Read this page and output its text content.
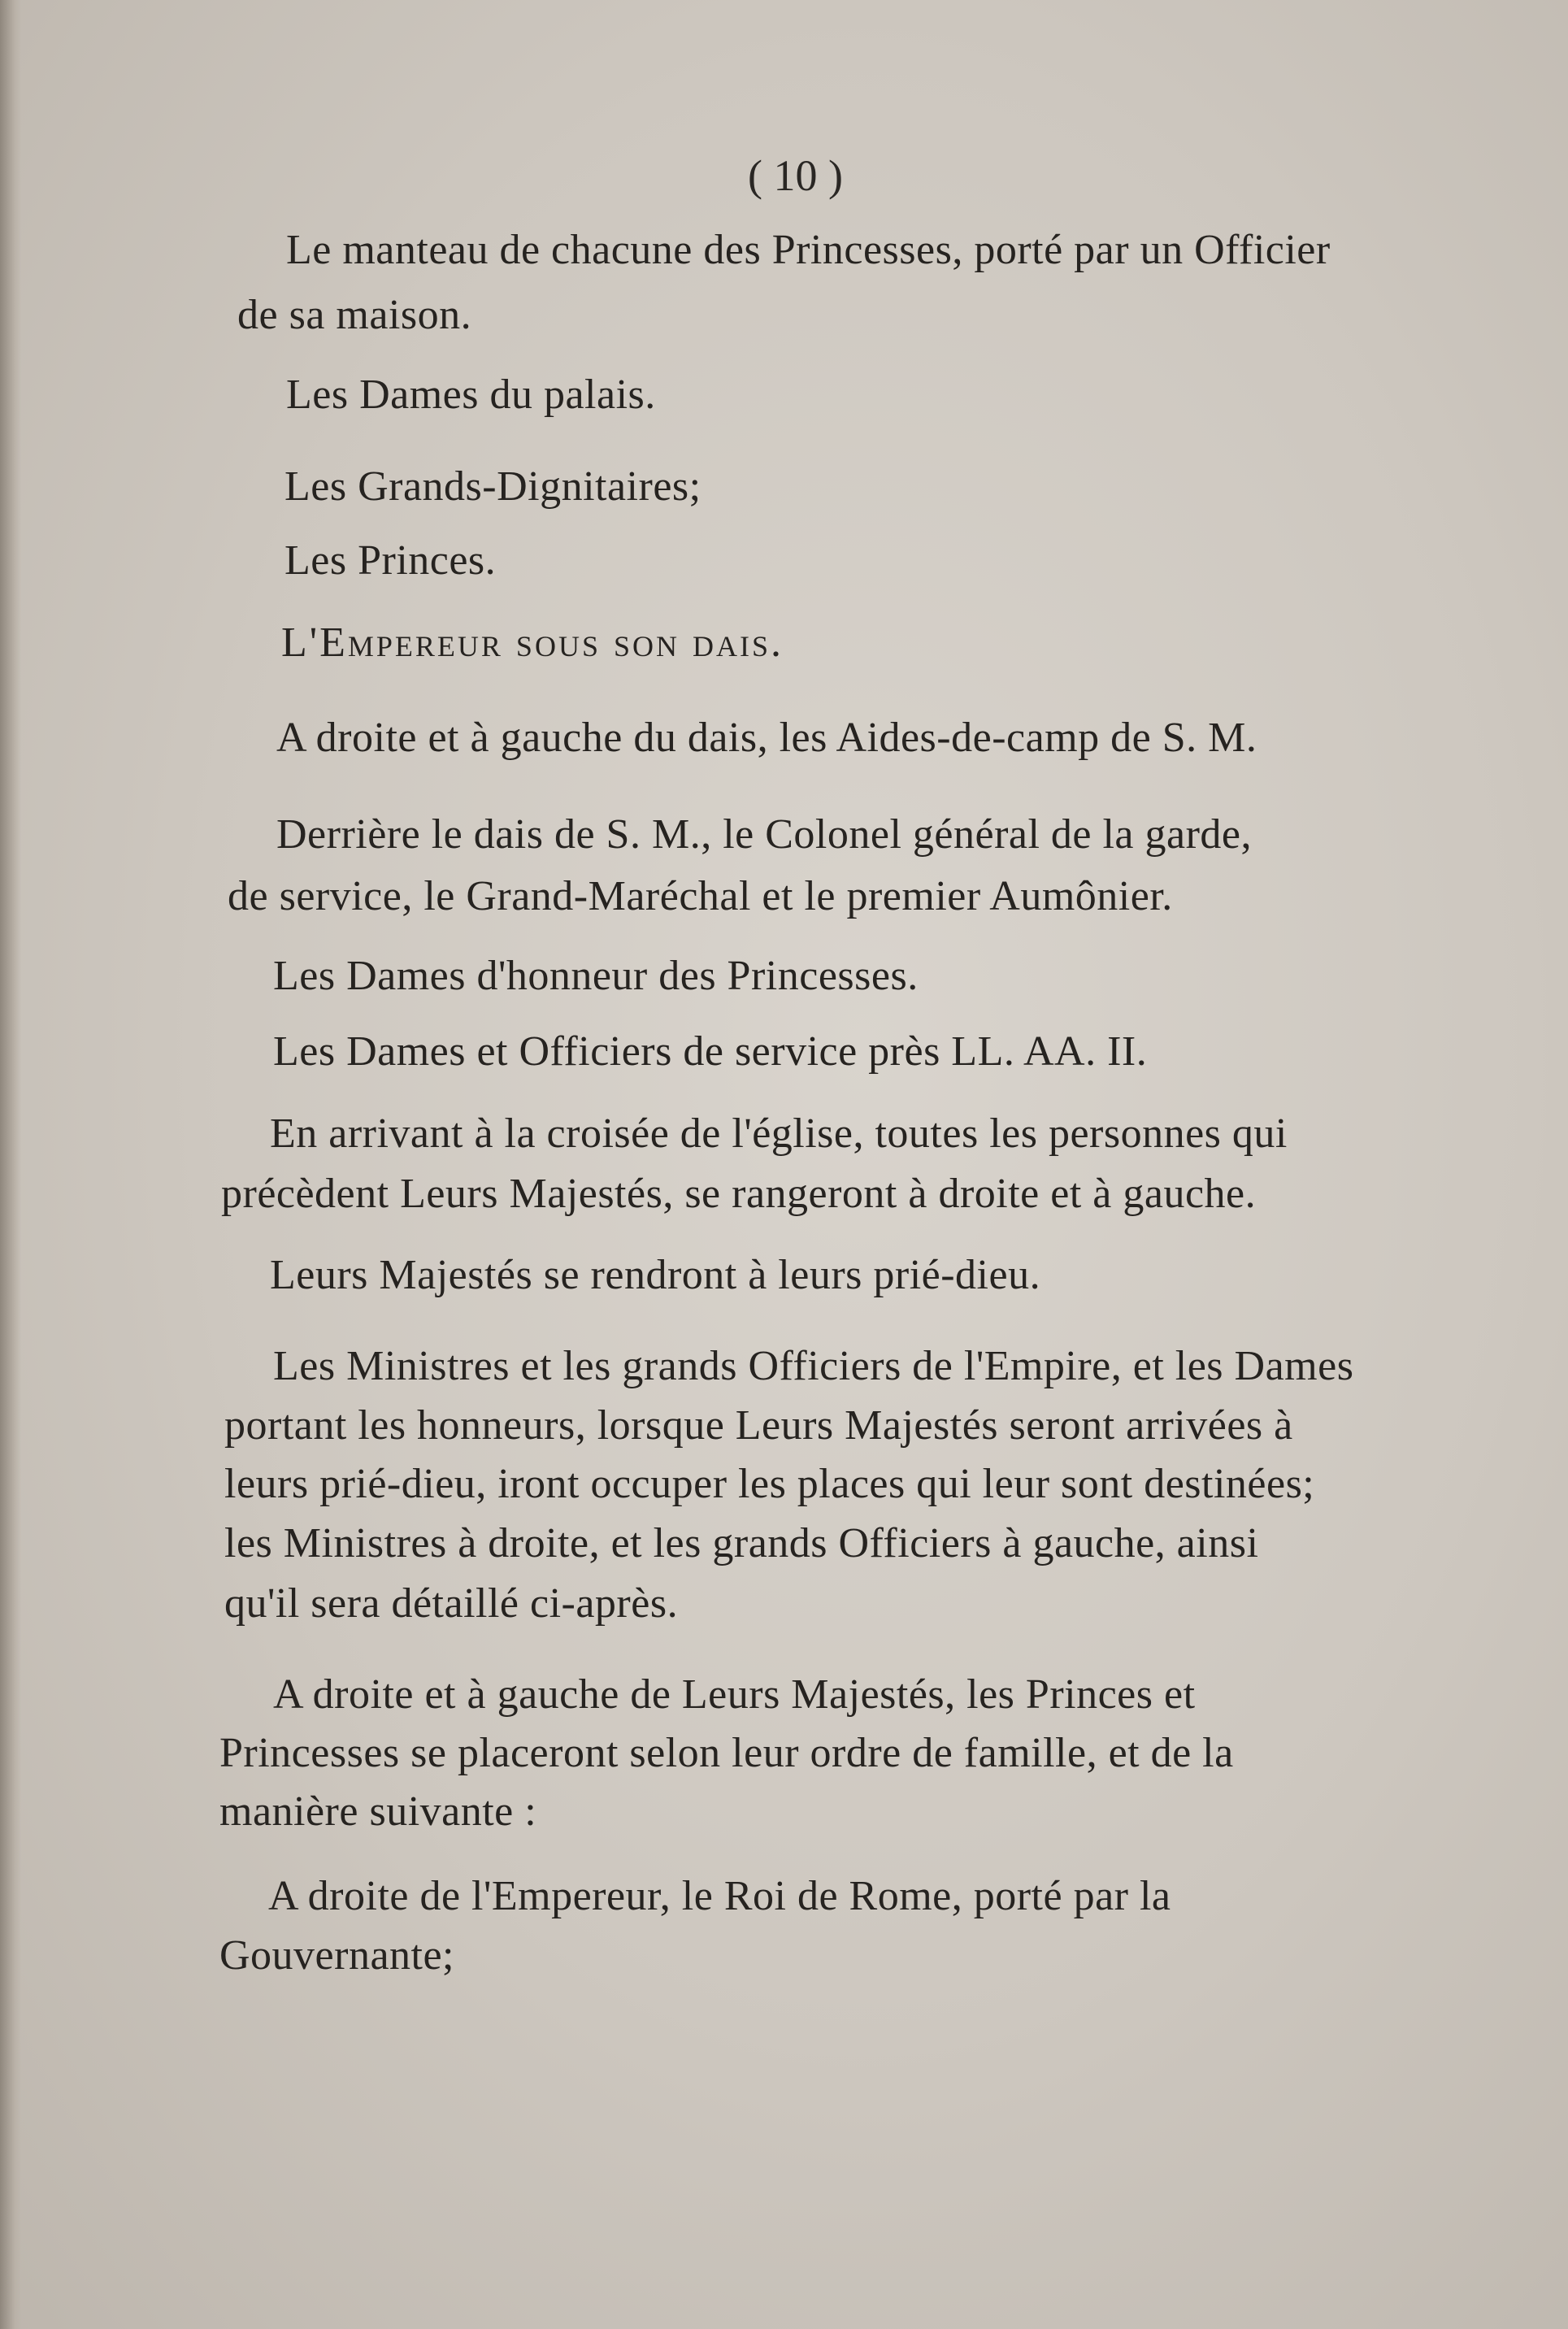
( 10 )
Le manteau de chacune des Princesses, porté par un Officier
de sa maison.
Les Dames du palais.
Les Grands-Dignitaires;
Les Princes.
L'Empereur sous son dais.
A droite et à gauche du dais, les Aides-de-camp de S. M.
Derrière le dais de S. M., le Colonel général de la garde,
de service, le Grand-Maréchal et le premier Aumônier.
Les Dames d'honneur des Princesses.
Les Dames et Officiers de service près LL. AA. II.
En arrivant à la croisée de l'église, toutes les personnes qui
précèdent Leurs Majestés, se rangeront à droite et à gauche.
Leurs Majestés se rendront à leurs prié-dieu.
Les Ministres et les grands Officiers de l'Empire, et les Dames
portant les honneurs, lorsque Leurs Majestés seront arrivées à
leurs prié-dieu, iront occuper les places qui leur sont destinées;
les Ministres à droite, et les grands Officiers à gauche, ainsi
qu'il sera détaillé ci-après.
A droite et à gauche de Leurs Majestés, les Princes et
Princesses se placeront selon leur ordre de famille, et de la
manière suivante :
A droite de l'Empereur, le Roi de Rome, porté par la
Gouvernante;
